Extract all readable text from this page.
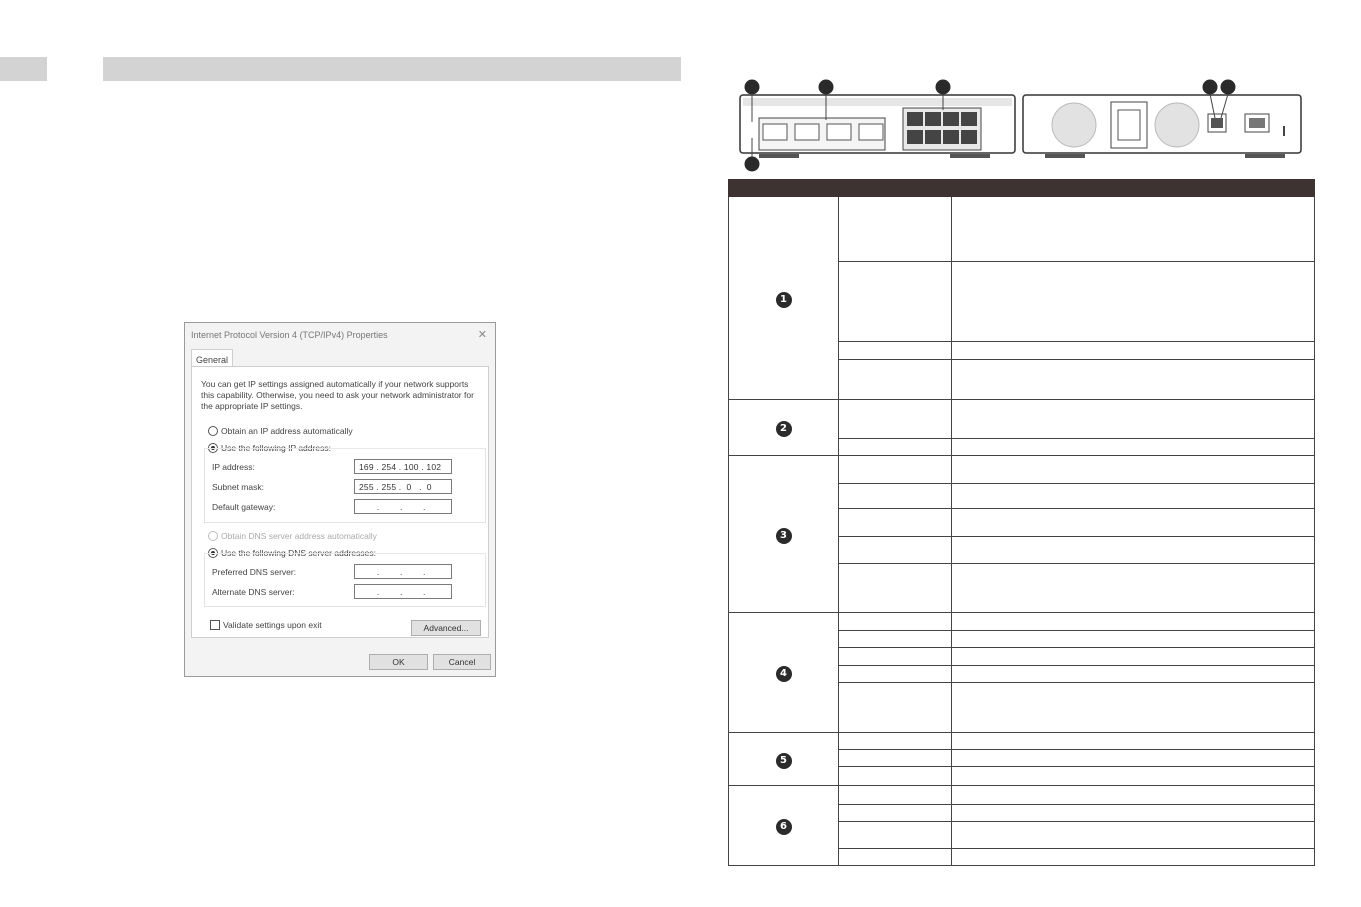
Internet Protocol Version 4 (TCP/IPv4) Properties	✕
General
You can get IP settings assigned automatically if your network supports this capability. Otherwise, you need to ask your network administrator for the appropriate IP settings.
Obtain an IP address automatically
Use the following IP address:
IP address:	169 . 254 . 100 . 102
Subnet mask:	255 . 255 .  0   .  0
Default gateway:	.        .        .
Obtain DNS server address automatically
Use the following DNS server addresses:
Preferred DNS server:	.        .        .
Alternate DNS server:	.        .        .
Validate settings upon exit	Advanced...
OK	Cancel

1		

2		

3		

4		

5		

6		
